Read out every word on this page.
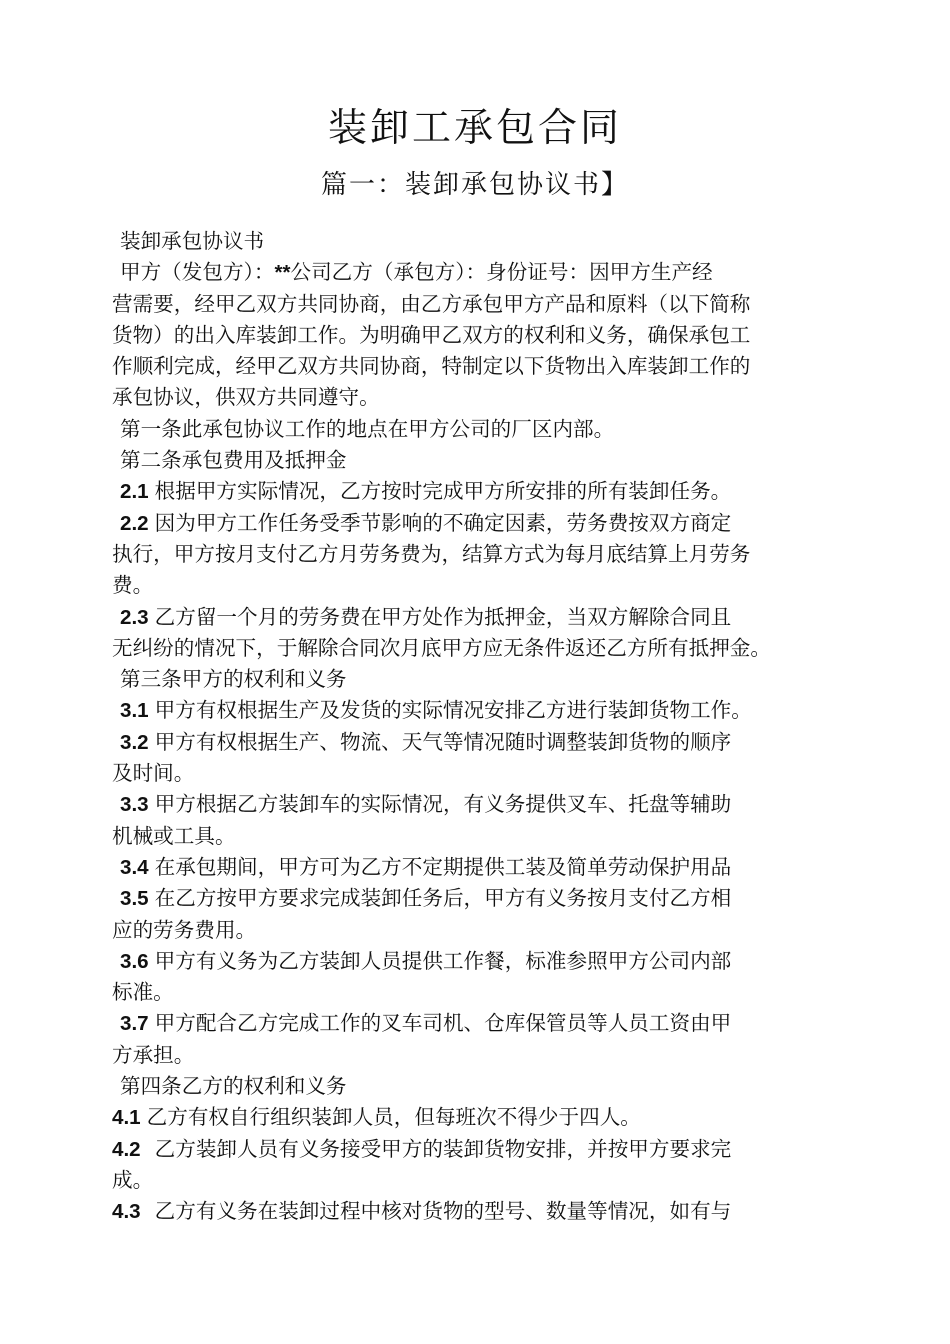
装卸工承包合同
篇一：装卸承包协议书】
装卸承包协议书
甲方（发包方）：**公司乙方（承包方）：身份证号：因甲方生产经
营需要，经甲乙双方共同协商，由乙方承包甲方产品和原料（以下简称
货物）的出入库装卸工作。为明确甲乙双方的权利和义务，确保承包工
作顺利完成，经甲乙双方共同协商，特制定以下货物出入库装卸工作的
承包协议，供双方共同遵守。
第一条此承包协议工作的地点在甲方公司的厂区内部。
第二条承包费用及抵押金
2.1 根据甲方实际情况，乙方按时完成甲方所安排的所有装卸任务。
2.2 因为甲方工作任务受季节影响的不确定因素，劳务费按双方商定
执行，甲方按月支付乙方月劳务费为，结算方式为每月底结算上月劳务
费。
2.3 乙方留一个月的劳务费在甲方处作为抵押金，当双方解除合同且
无纠纷的情况下，于解除合同次月底甲方应无条件返还乙方所有抵押金。
第三条甲方的权利和义务
3.1 甲方有权根据生产及发货的实际情况安排乙方进行装卸货物工作。
3.2 甲方有权根据生产、物流、天气等情况随时调整装卸货物的顺序
及时间。
3.3 甲方根据乙方装卸车的实际情况，有义务提供叉车、托盘等辅助
机械或工具。
3.4 在承包期间，甲方可为乙方不定期提供工装及简单劳动保护用品
3.5 在乙方按甲方要求完成装卸任务后，甲方有义务按月支付乙方相
应的劳务费用。
3.6 甲方有义务为乙方装卸人员提供工作餐，标准参照甲方公司内部
标准。
3.7 甲方配合乙方完成工作的叉车司机、仓库保管员等人员工资由甲
方承担。
第四条乙方的权利和义务
4.1 乙方有权自行组织装卸人员，但每班次不得少于四人。
4.2 乙方装卸人员有义务接受甲方的装卸货物安排，并按甲方要求完
成。
4.3 乙方有义务在装卸过程中核对货物的型号、数量等情况，如有与
